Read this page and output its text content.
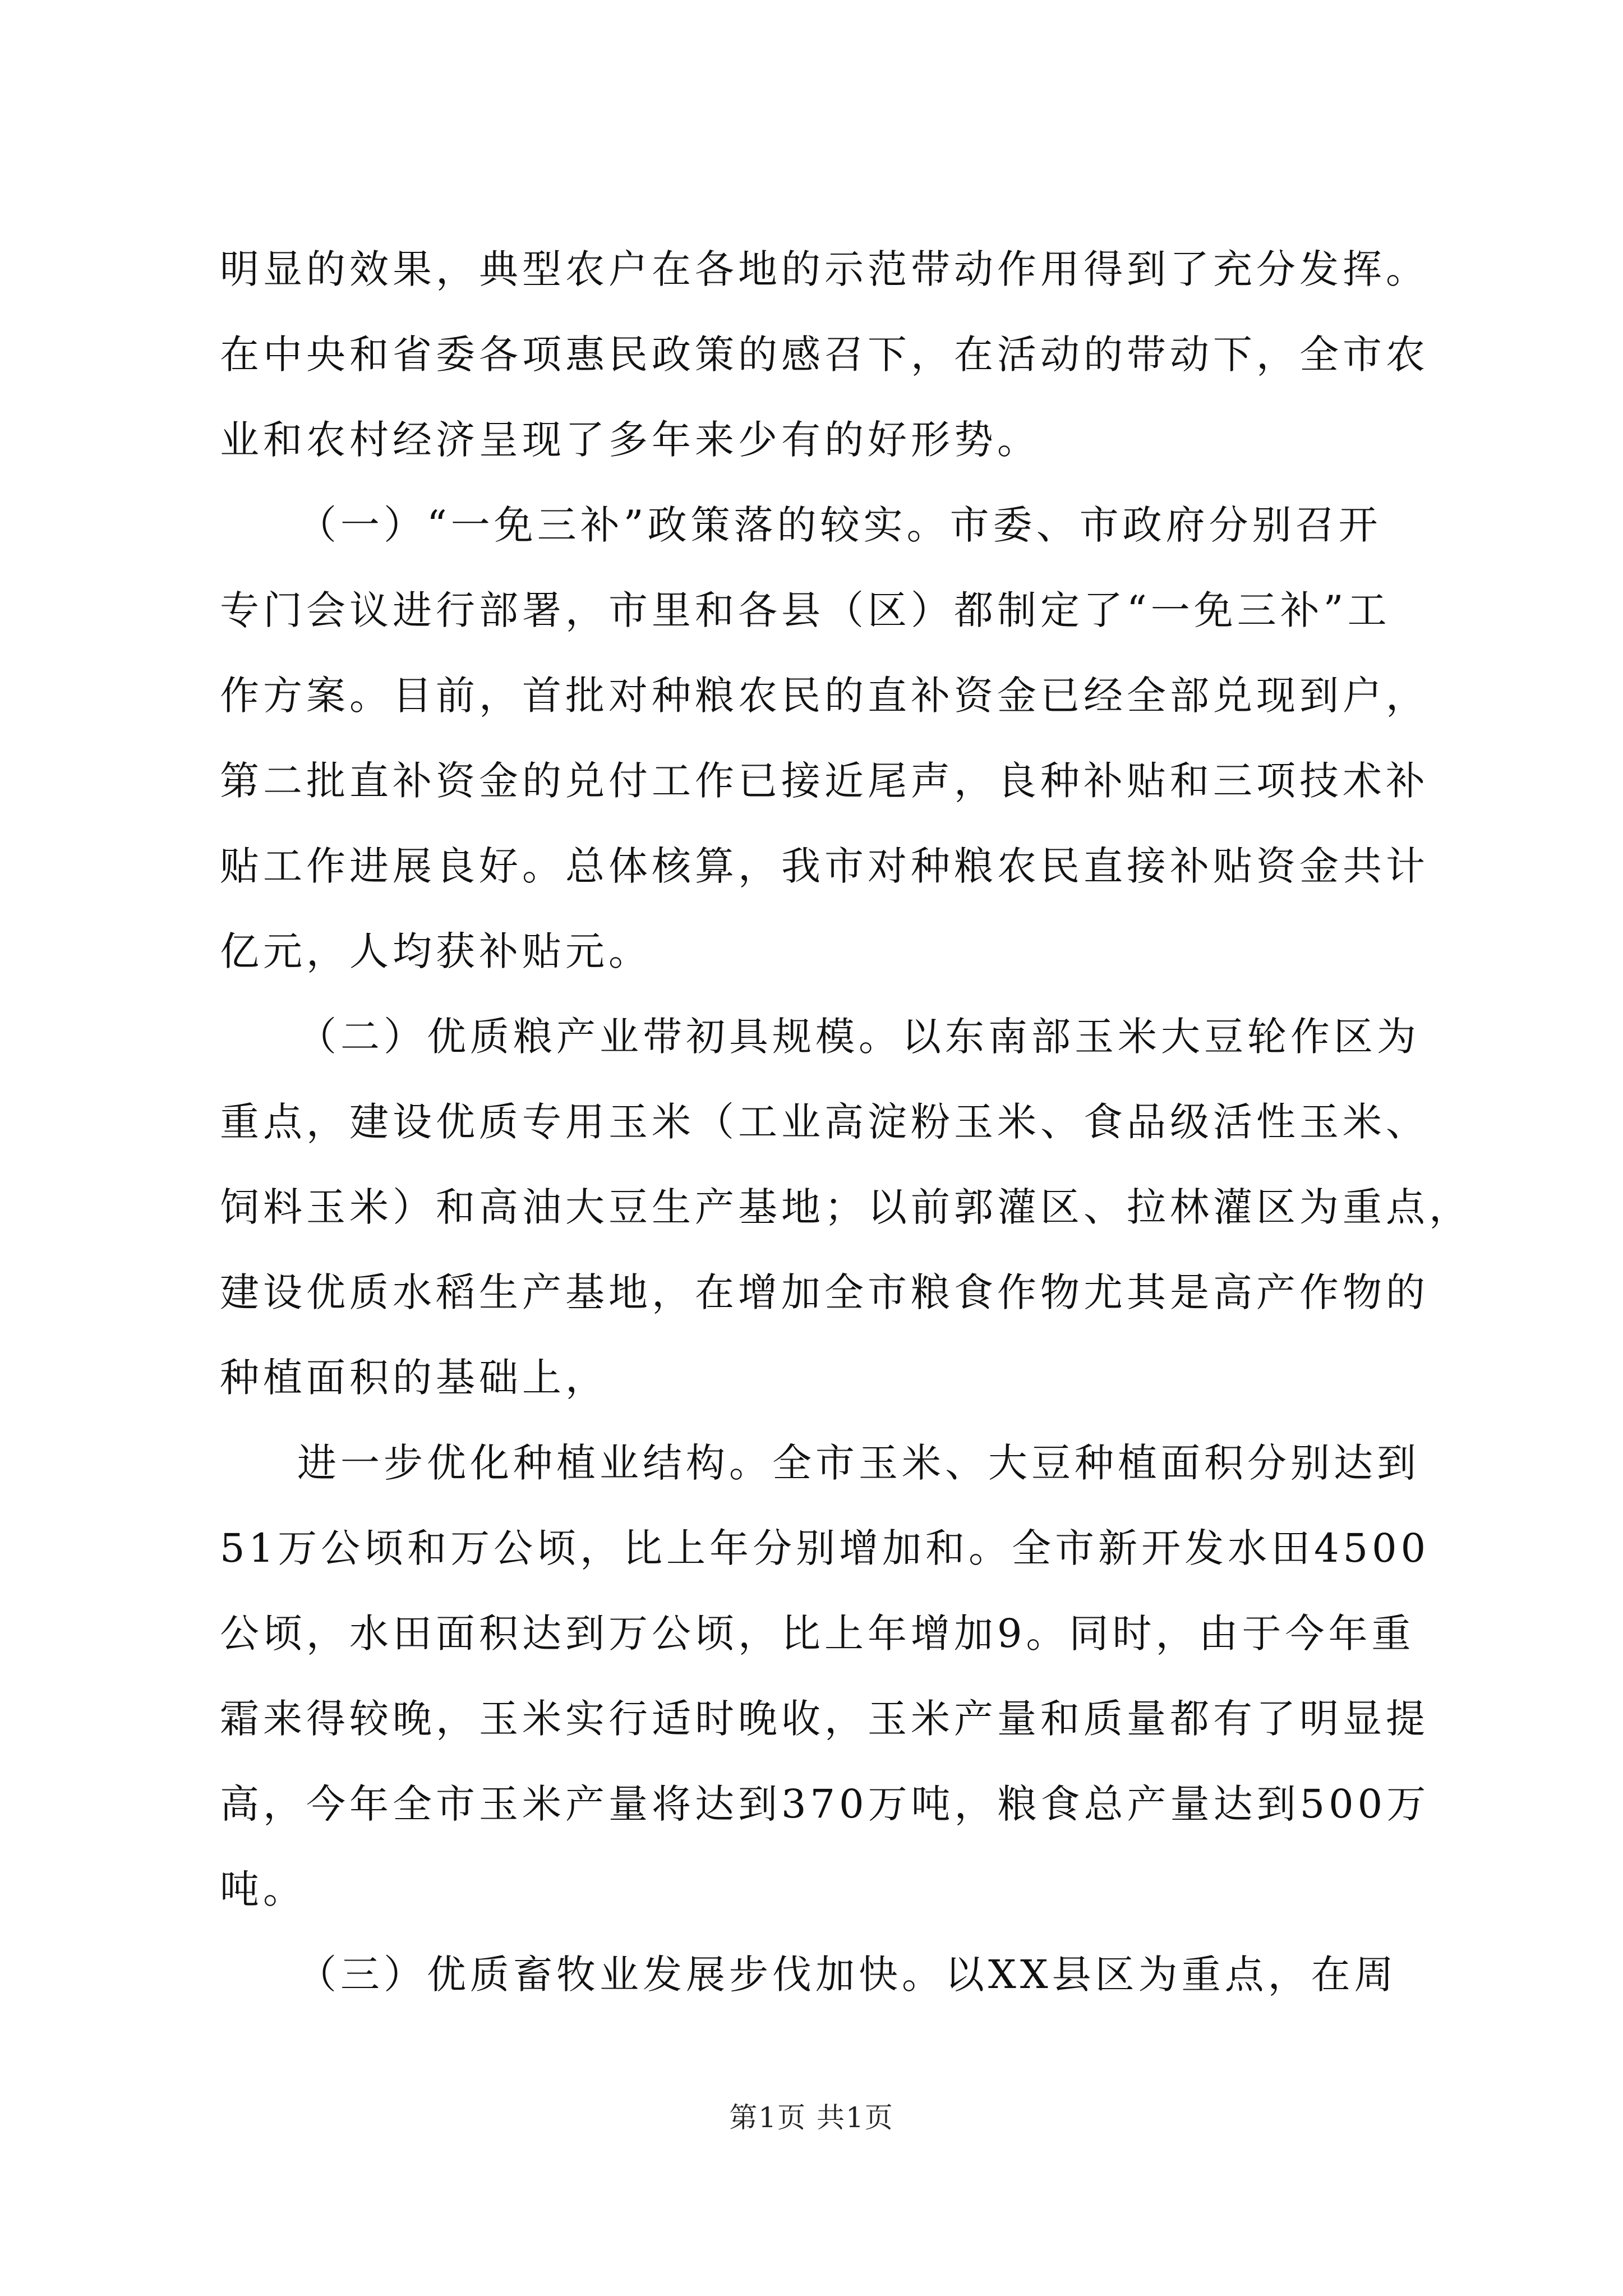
明显的效果，典型农户在各地的示范带动作用得到了充分发挥。
在中央和省委各项惠民政策的感召下，在活动的带动下，全市农
业和农村经济呈现了多年来少有的好形势。
（一）“一免三补”政策落的较实。市委、市政府分别召开
专门会议进行部署，市里和各县（区）都制定了“一免三补”工
作方案。目前，首批对种粮农民的直补资金已经全部兑现到户，
第二批直补资金的兑付工作已接近尾声，良种补贴和三项技术补
贴工作进展良好。总体核算，我市对种粮农民直接补贴资金共计
亿元，人均获补贴元。
（二）优质粮产业带初具规模。以东南部玉米大豆轮作区为
重点，建设优质专用玉米（工业高淀粉玉米、食品级活性玉米、
饲料玉米）和高油大豆生产基地；以前郭灌区、拉林灌区为重点，
建设优质水稻生产基地，在增加全市粮食作物尤其是高产作物的
种植面积的基础上，
进一步优化种植业结构。全市玉米、大豆种植面积分别达到
51万公顷和万公顷，比上年分别增加和。全市新开发水田4500
公顷，水田面积达到万公顷，比上年增加9。同时，由于今年重
霜来得较晚，玉米实行适时晚收，玉米产量和质量都有了明显提
高，今年全市玉米产量将达到370万吨，粮食总产量达到500万
吨。
（三）优质畜牧业发展步伐加快。以XX县区为重点，在周
第1页 共1页
